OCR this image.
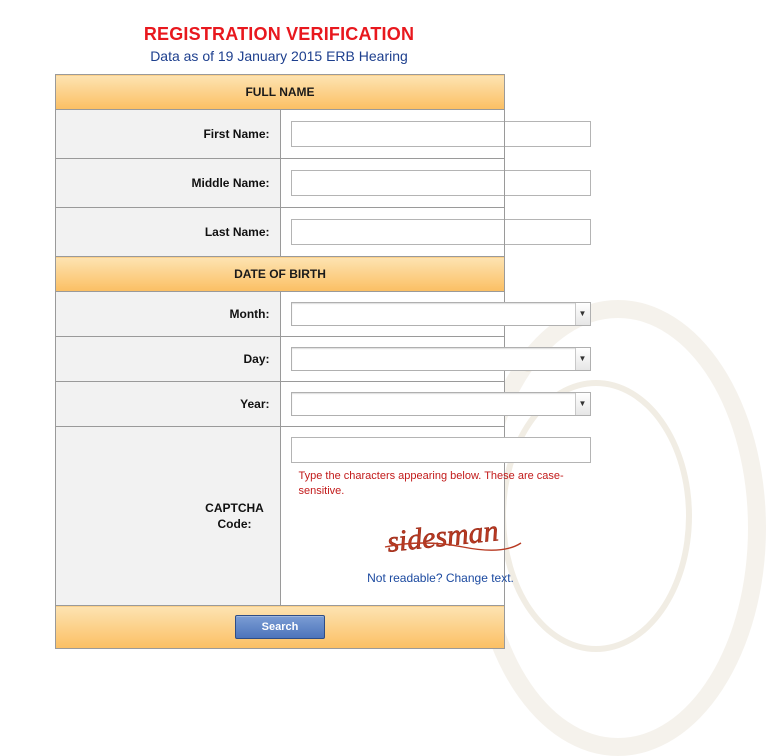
REGISTRATION VERIFICATION
Data as of 19 January 2015 ERB Hearing
FULL NAME	
First Name:	

Middle Name:	

Last Name:	

DATE OF BIRTH	
Month:	▼

Day:	▼

Year:	▼

CAPTCHA Code:	Type the characters appearing below. These are case-sensitive.
sidesman
Not readable? Change text.

Search	
